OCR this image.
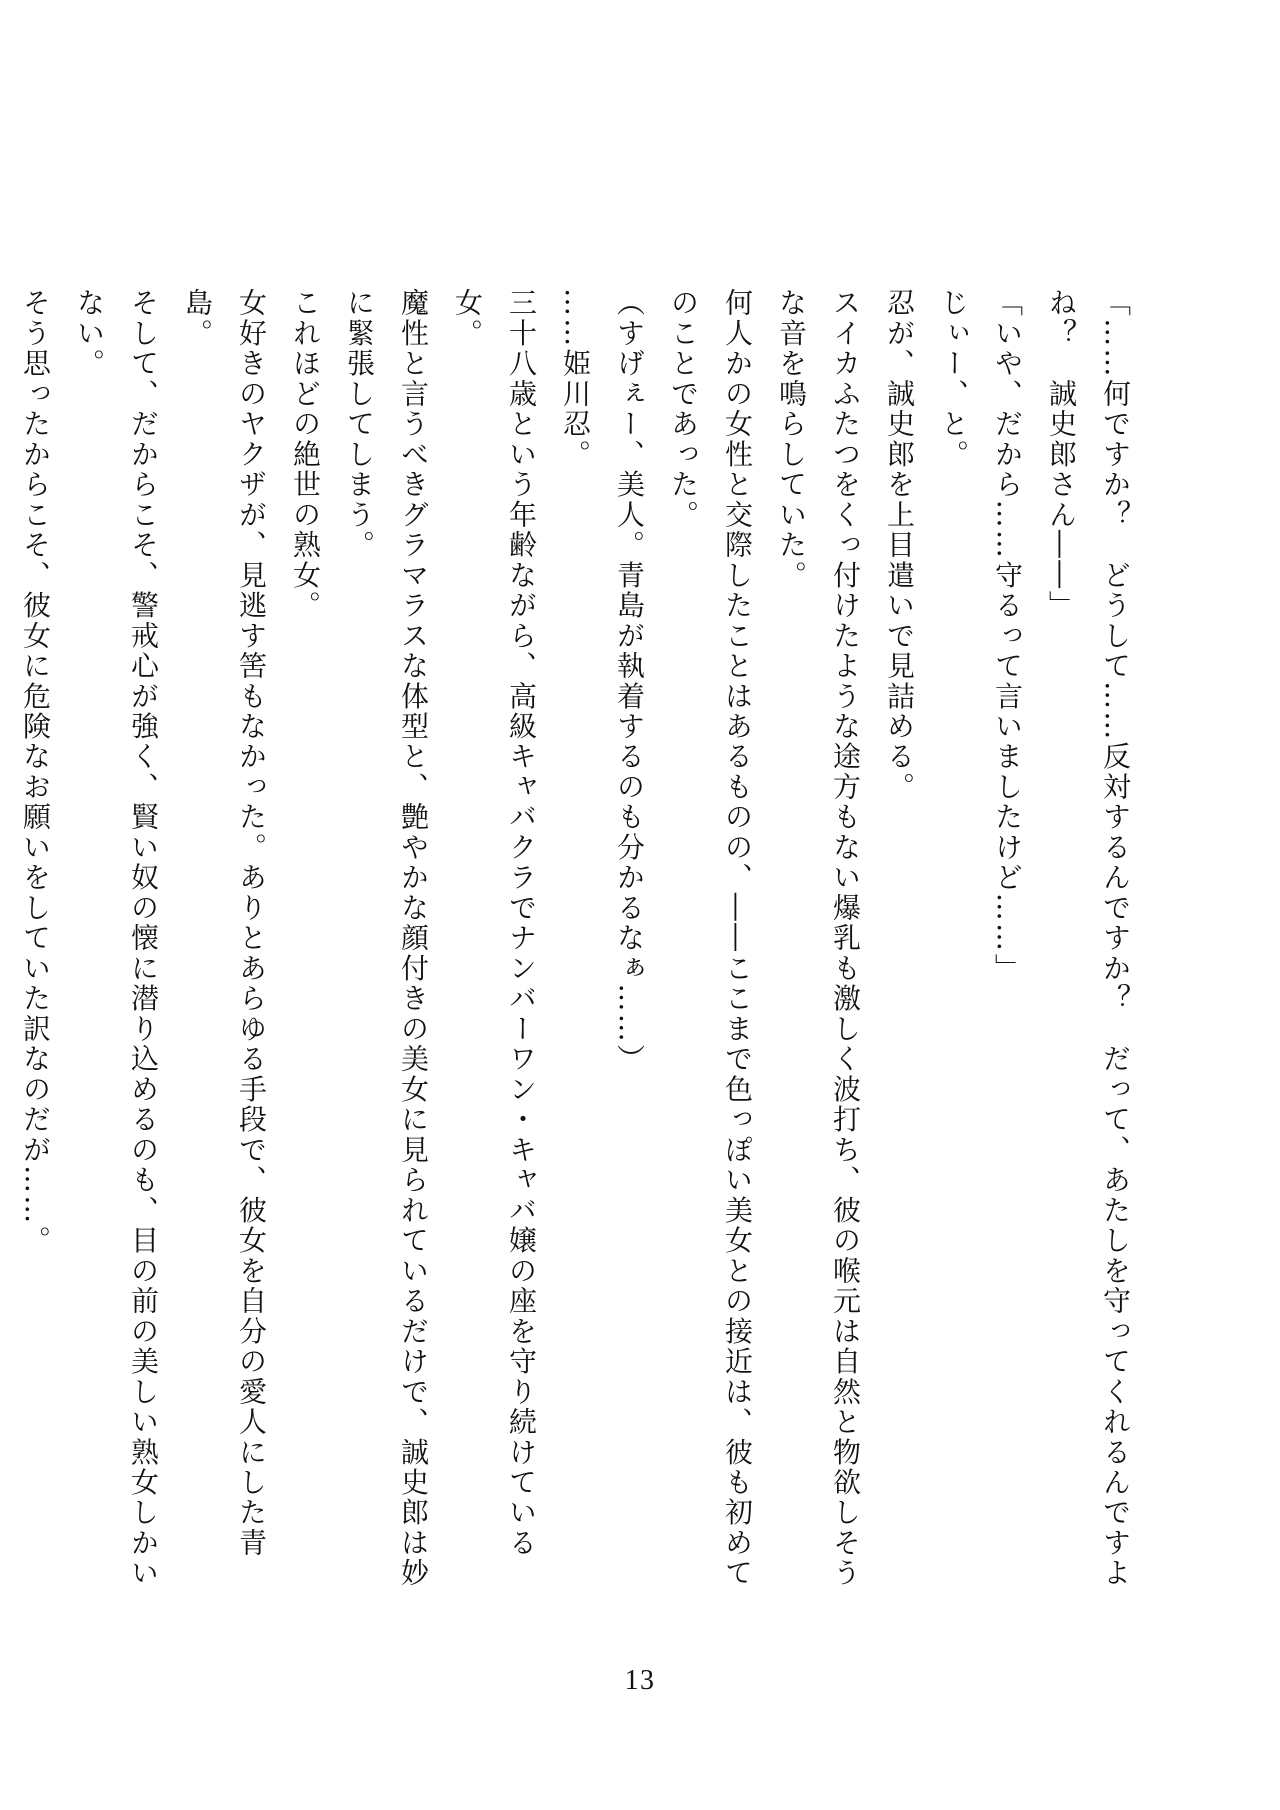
「……何ですか？　どうして……反対するんですか？　だって、あたしを守ってくれるんですよね？　誠史郎さん――」

「いや、だから……守るって言いましたけど……」

じぃー、と。

忍が、誠史郎を上目遣いで見詰める。

スイカふたつをくっ付けたような途方もない爆乳も激しく波打ち、彼の喉元は自然と物欲しそうな音を鳴らしていた。

何人かの女性と交際したことはあるものの、――ここまで色っぽい美女との接近は、彼も初めてのことであった。

（すげぇー、美人。青島が執着するのも分かるなぁ……）

……姫川忍。

三十八歳という年齢ながら、高級キャバクラでナンバーワン・キャバ嬢の座を守り続けている女。

魔性と言うべきグラマラスな体型と、艶やかな顔付きの美女に見られているだけで、誠史郎は妙に緊張してしまう。

これほどの絶世の熟女。

女好きのヤクザが、見逃す筈もなかった。ありとあらゆる手段で、彼女を自分の愛人にした青島。

そして、だからこそ、警戒心が強く、賢い奴の懐に潜り込めるのも、目の前の美しい熟女しかいない。

そう思ったからこそ、彼女に危険なお願いをしていた訳なのだが……。

13
